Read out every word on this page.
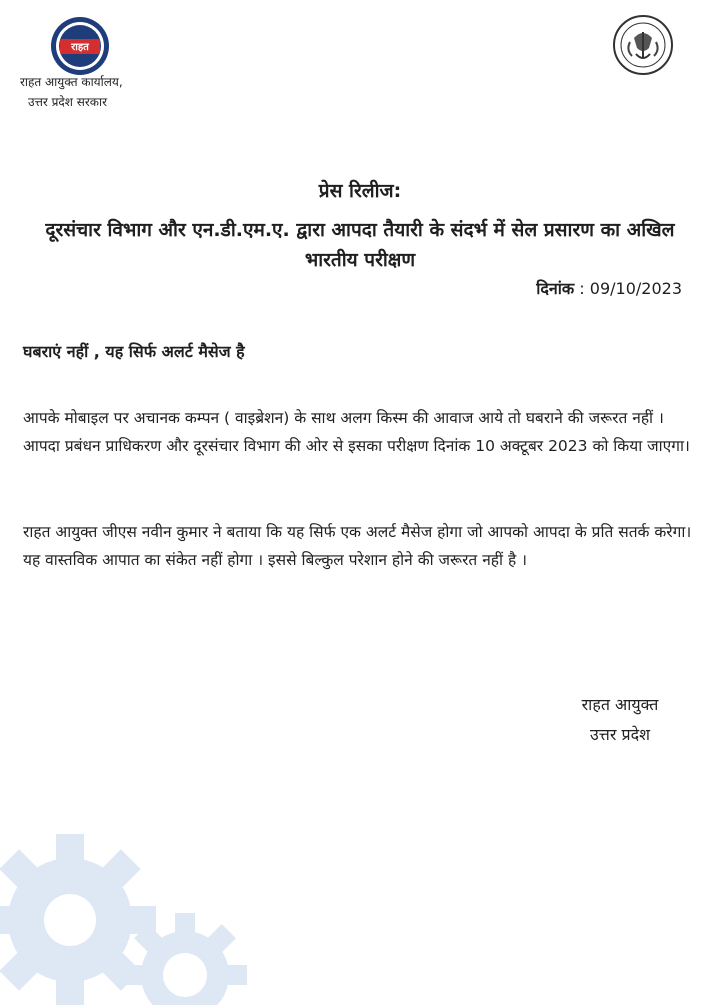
राहत
राहत आयुक्त कार्यालय,
उत्तर प्रदेश सरकार
प्रेस रिलीज:
दूरसंचार विभाग और एन.डी.एम.ए. द्वारा आपदा तैयारी के संदर्भ में सेल प्रसारण का अखिल भारतीय परीक्षण
दिनांक : 09/10/2023
घबराएं नहीं , यह सिर्फ अलर्ट मैसेज है
आपके मोबाइल पर अचानक कम्पन ( वाइब्रेशन) के साथ अलग किस्म की आवाज आये तो घबराने की जरूरत नहीं । आपदा प्रबंधन प्राधिकरण और दूरसंचार विभाग की ओर से इसका परीक्षण दिनांक 10 अक्टूबर 2023 को किया जाएगा।
राहत आयुक्त जीएस नवीन कुमार ने बताया कि यह सिर्फ एक अलर्ट मैसेज होगा जो आपको आपदा के प्रति सतर्क करेगा। यह वास्तविक आपात का संकेत नहीं होगा । इससे बिल्कुल परेशान होने की जरूरत नहीं है ।
राहत आयुक्त
उत्तर प्रदेश
